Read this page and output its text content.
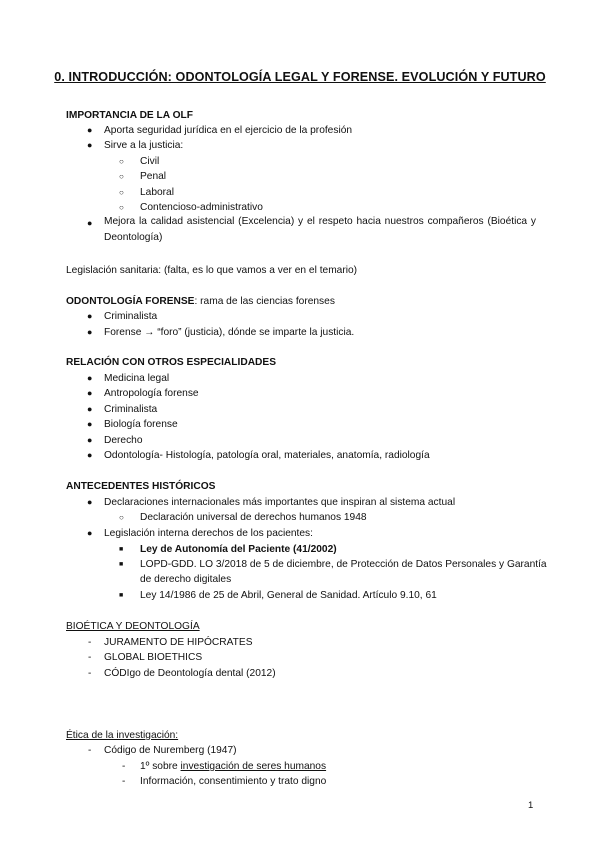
0. INTRODUCCIÓN: ODONTOLOGÍA LEGAL Y FORENSE. EVOLUCIÓN Y FUTURO
IMPORTANCIA DE LA OLF
● Aporta seguridad jurídica en el ejercicio de la profesión
● Sirve a la justicia:
○ Civil
○ Penal
○ Laboral
○ Contencioso-administrativo
● Mejora la calidad asistencial (Excelencia) y el respeto hacia nuestros compañeros (Bioética y Deontología)
Legislación sanitaria: (falta, es lo que vamos a ver en el temario)
ODONTOLOGÍA FORENSE: rama de las ciencias forenses
● Criminalista
● Forense → “foro” (justicia), dónde se imparte la justicia.
RELACIÓN CON OTROS ESPECIALIDADES
● Medicina legal
● Antropología forense
● Criminalista
● Biología forense
● Derecho
● Odontología- Histología, patología oral, materiales, anatomía, radiología
ANTECEDENTES HISTÓRICOS
● Declaraciones internacionales más importantes que inspiran al sistema actual
○ Declaración universal de derechos humanos 1948
● Legislación interna derechos de los pacientes:
■ Ley de Autonomía del Paciente (41/2002)
■ LOPD-GDD. LO 3/2018 de 5 de diciembre, de Protección de Datos Personales y Garantía
de derecho digitales
■ Ley 14/1986 de 25 de Abril, General de Sanidad. Artículo 9.10, 61
BIOÉTICA Y DEONTOLOGÍA
- JURAMENTO DE HIPÓCRATES
- GLOBAL BIOETHICS
- CÓDIgo de Deontología dental (2012)
Ética de la investigación:
- Código de Nuremberg (1947)
- 1º sobre investigación de seres humanos
- Información, consentimiento y trato digno
1
